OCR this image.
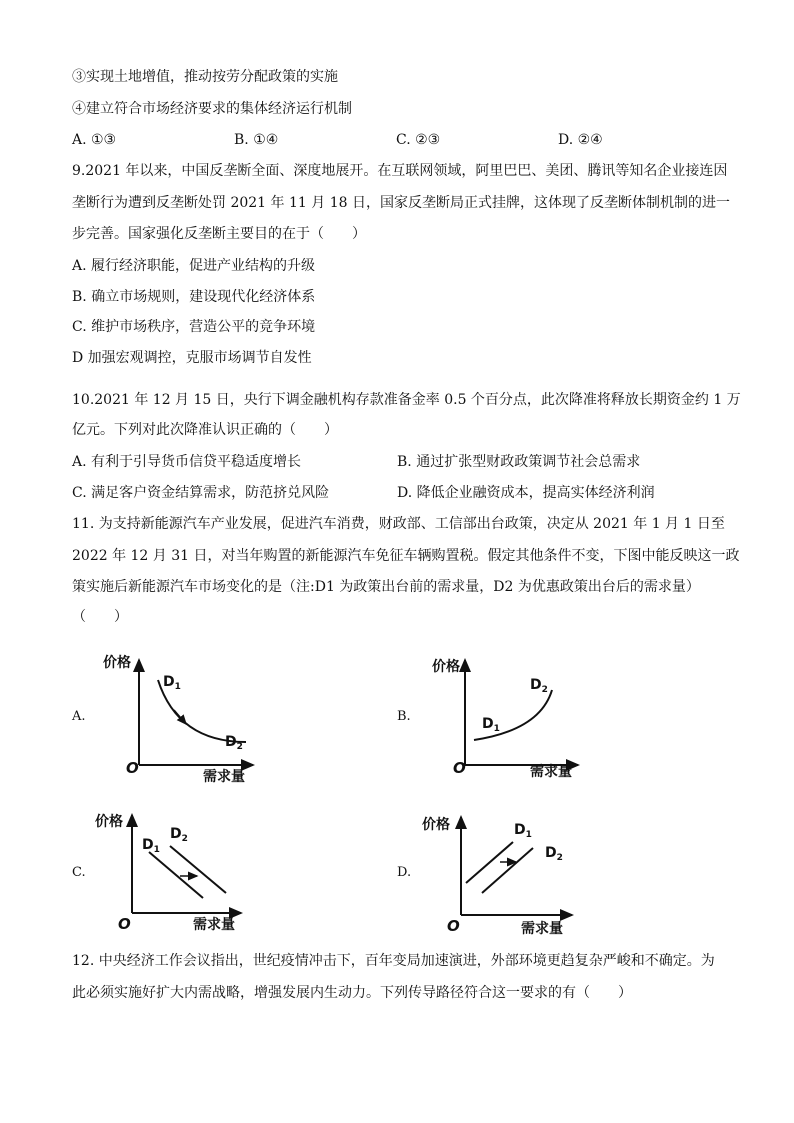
③实现土地增值，推动按劳分配政策的实施
④建立符合市场经济要求的集体经济运行机制
A. ①③	B. ①④	C. ②③	D. ②④
9.2021 年以来，中国反垄断全面、深度地展开。在互联网领域，阿里巴巴、美团、腾讯等知名企业接连因
垄断行为遭到反垄断处罚 2021 年 11 月 18 日，国家反垄断局正式挂牌，这体现了反垄断体制机制的进一
步完善。国家强化反垄断主要目的在于（　　）
A. 履行经济职能，促进产业结构的升级
B. 确立市场规则，建设现代化经济体系
C. 维护市场秩序，营造公平的竞争环境
D 加强宏观调控，克服市场调节自发性
10.2021 年 12 月 15 日，央行下调金融机构存款准备金率 0.5 个百分点，此次降准将释放长期资金约 1 万
亿元。下列对此次降准认识正确的（　　）
A. 有利于引导货币信贷平稳适度增长	B. 通过扩张型财政政策调节社会总需求
C. 满足客户资金结算需求，防范挤兑风险	D. 降低企业融资成本，提高实体经济利润
11. 为支持新能源汽车产业发展，促进汽车消费，财政部、工信部出台政策，决定从 2021 年 1 月 1 日至
2022 年 12 月 31 日，对当年购置的新能源汽车免征车辆购置税。假定其他条件不变，下图中能反映这一政
策实施后新能源汽车市场变化的是（注:D1 为政策出台前的需求量，D2 为优惠政策出台后的需求量）
（　　）
A.	B.
C.	D.
价格
需求量
O
$D_1$
$D_2$
价格
需求量
O
$D_1$
$D_2$
价格
需求量
O
$D_1$
$D_2$
价格
需求量
O
$D_1$
$D_2$
12. 中央经济工作会议指出，世纪疫情冲击下，百年变局加速演进，外部环境更趋复杂严峻和不确定。为
此必须实施好扩大内需战略，增强发展内生动力。下列传导路径符合这一要求的有（　　）
